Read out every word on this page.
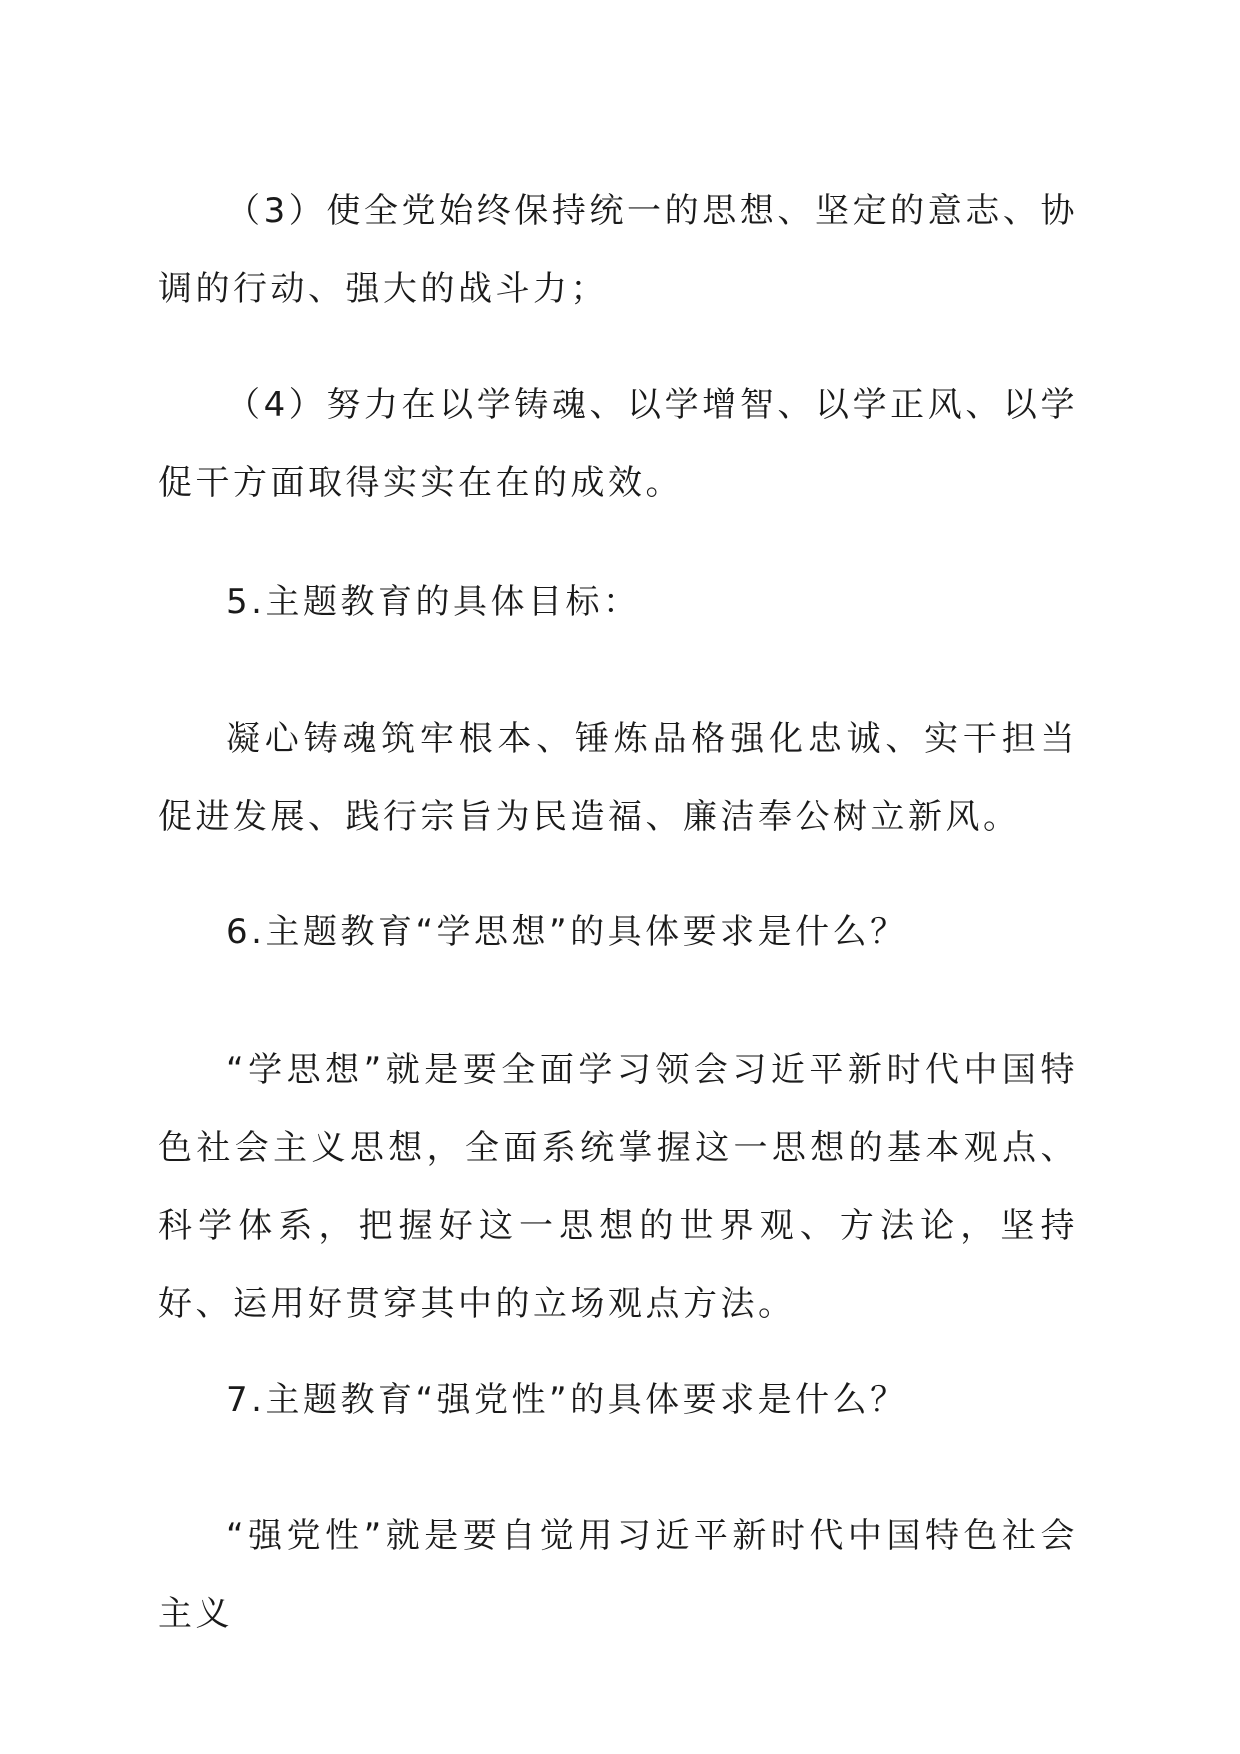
（3）使全党始终保持统一的思想、坚定的意志、协调的行动、强大的战斗力；

（4）努力在以学铸魂、以学增智、以学正风、以学促干方面取得实实在在的成效。

5.主题教育的具体目标：

凝心铸魂筑牢根本、锤炼品格强化忠诚、实干担当促进发展、践行宗旨为民造福、廉洁奉公树立新风。

6.主题教育“学思想”的具体要求是什么？

“学思想”就是要全面学习领会习近平新时代中国特色社会主义思想，全面系统掌握这一思想的基本观点、科学体系，把握好这一思想的世界观、方法论，坚持好、运用好贯穿其中的立场观点方法。

7.主题教育“强党性”的具体要求是什么？

“强党性”就是要自觉用习近平新时代中国特色社会主义
